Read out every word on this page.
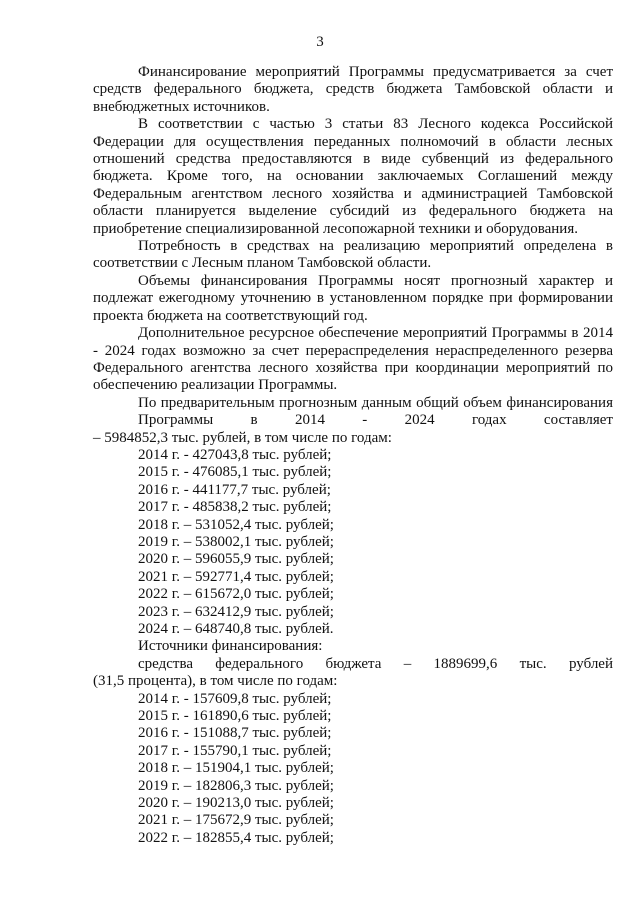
3

Финансирование мероприятий Программы предусматривается за счет средств федерального бюджета, средств бюджета Тамбовской области и внебюджетных источников.

В соответствии с частью 3 статьи 83 Лесного кодекса Российской Федерации для осуществления переданных полномочий в области лесных отношений средства предоставляются в виде субвенций из федерального бюджета. Кроме того, на основании заключаемых Соглашений между Федеральным агентством лесного хозяйства и администрацией Тамбовской области планируется выделение субсидий из федерального бюджета на приобретение специализированной лесопожарной техники и оборудования.

Потребность в средствах на реализацию мероприятий определена в соответствии с Лесным планом Тамбовской области.

Объемы финансирования Программы носят прогнозный характер и подлежат ежегодному уточнению в установленном порядке при формировании проекта бюджета на соответствующий год.

Дополнительное ресурсное обеспечение мероприятий Программы в 2014 - 2024 годах возможно за счет перераспределения нераспределенного резерва Федерального агентства лесного хозяйства при координации мероприятий по обеспечению реализации Программы.

По предварительным прогнозным данным общий объем финансирования Программы в 2014 - 2024 годах составляет

– 5984852,3 тыс. рублей, в том числе по годам:

2014 г. - 427043,8 тыс. рублей;

2015 г. - 476085,1 тыс. рублей;

2016 г. - 441177,7 тыс. рублей;

2017 г. - 485838,2 тыс. рублей;

2018 г. – 531052,4 тыс. рублей;

2019 г. – 538002,1 тыс. рублей;

2020 г. – 596055,9 тыс. рублей;

2021 г. – 592771,4 тыс. рублей;

2022 г. – 615672,0 тыс. рублей;

2023 г. – 632412,9 тыс. рублей;

2024 г. – 648740,8 тыс. рублей.

Источники финансирования:

средства федерального бюджета – 1889699,6 тыс. рублей

(31,5 процента), в том числе по годам:

2014 г. - 157609,8 тыс. рублей;

2015 г. - 161890,6 тыс. рублей;

2016 г. - 151088,7 тыс. рублей;

2017 г. - 155790,1 тыс. рублей;

2018 г. – 151904,1 тыс. рублей;

2019 г. – 182806,3 тыс. рублей;

2020 г. – 190213,0 тыс. рублей;

2021 г. – 175672,9 тыс. рублей;

2022 г. – 182855,4 тыс. рублей;
